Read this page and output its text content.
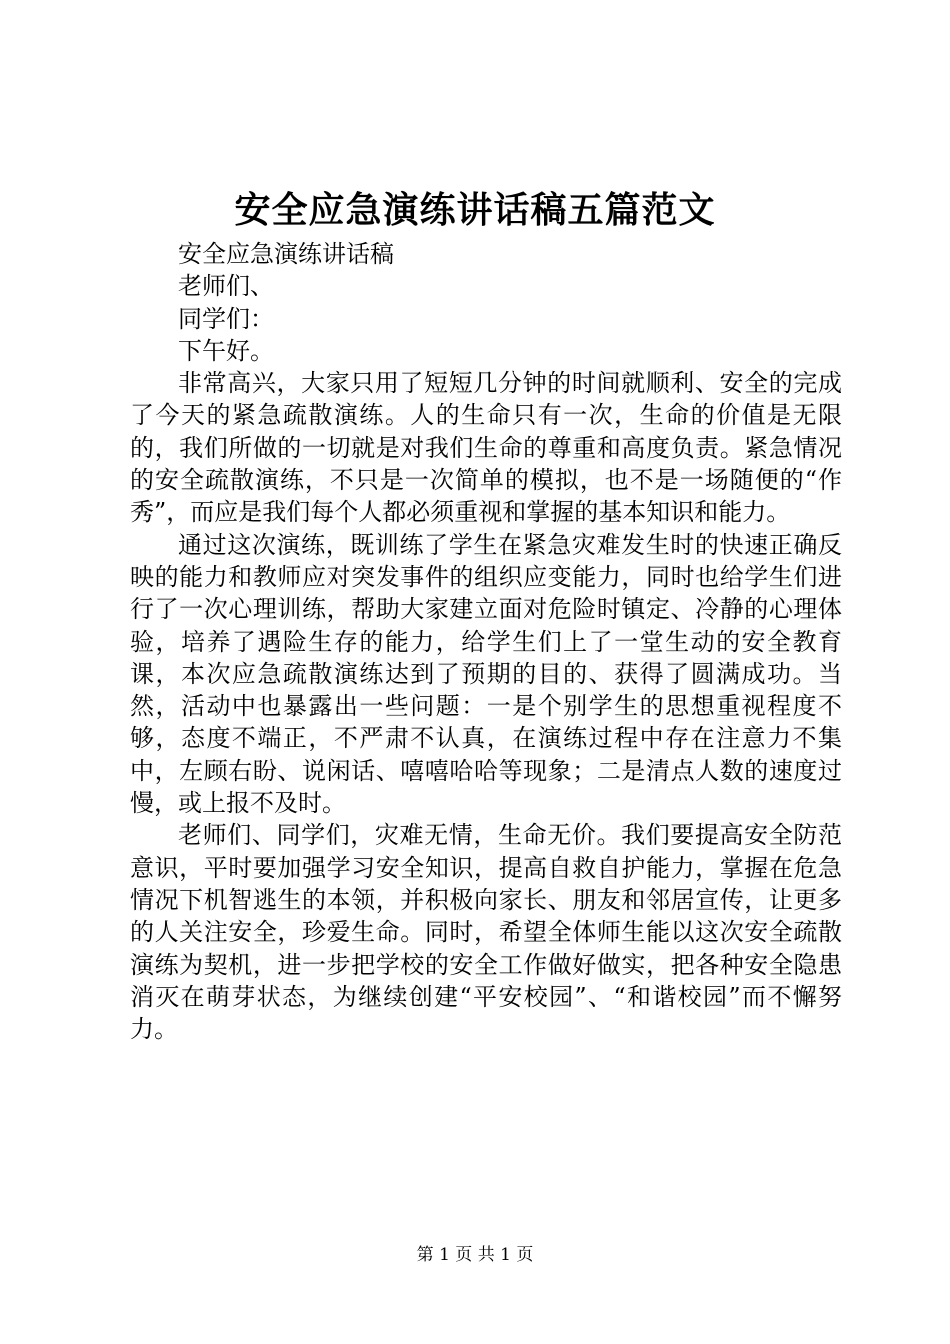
安全应急演练讲话稿五篇范文

安全应急演练讲话稿

老师们、

同学们：

下午好。

非常高兴，大家只用了短短几分钟的时间就顺利、安全的完成了今天的紧急疏散演练。人的生命只有一次，生命的价值是无限的，我们所做的一切就是对我们生命的尊重和高度负责。紧急情况的安全疏散演练，不只是一次简单的模拟，也不是一场随便的“作秀”，而应是我们每个人都必须重视和掌握的基本知识和能力。

通过这次演练，既训练了学生在紧急灾难发生时的快速正确反映的能力和教师应对突发事件的组织应变能力，同时也给学生们进行了一次心理训练，帮助大家建立面对危险时镇定、冷静的心理体验，培养了遇险生存的能力，给学生们上了一堂生动的安全教育课，本次应急疏散演练达到了预期的目的、获得了圆满成功。当然，活动中也暴露出一些问题：一是个别学生的思想重视程度不够，态度不端正，不严肃不认真，在演练过程中存在注意力不集中，左顾右盼、说闲话、嘻嘻哈哈等现象；二是清点人数的速度过慢，或上报不及时。

老师们、同学们，灾难无情，生命无价。我们要提高安全防范意识，平时要加强学习安全知识，提高自救自护能力，掌握在危急情况下机智逃生的本领，并积极向家长、朋友和邻居宣传，让更多的人关注安全，珍爱生命。同时，希望全体师生能以这次安全疏散演练为契机，进一步把学校的安全工作做好做实，把各种安全隐患消灭在萌芽状态，为继续创建“平安校园”、“和谐校园”而不懈努力。

第 1 页 共 1 页
